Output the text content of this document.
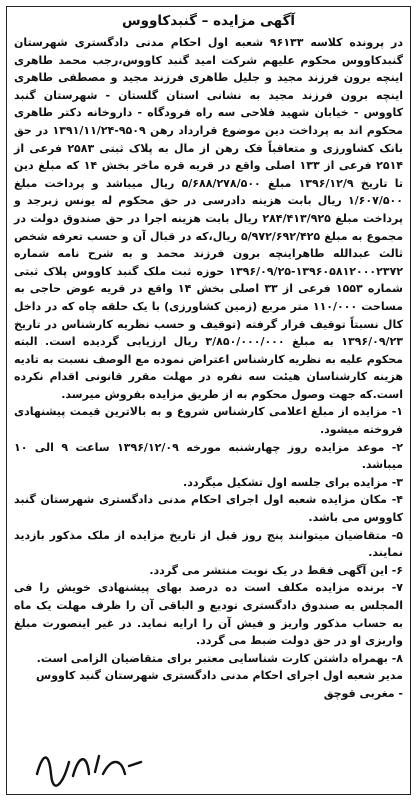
آگهی مزایده – گنبدکاووس

در پرونده کلاسه ۹۶۱۳۳ شعبه اول احکام مدنی دادگستری شهرستان گنبدکاووس محکوم علیهم شرکت امید گنبد کاووس،رجب محمد طاهری اینچه برون فرزند مجید و جلیل طاهری فرزند مجید و مصطفی طاهری اینچه برون فرزند مجید به نشانی استان گلستان - شهرستان گنبد کاووس - خیابان شهید فلاحی سه راه فرودگاه - داروخانه دکتر طاهری محکوم اند به پرداخت دین موضوع قرارداد رهن ۹۵۰۹-۱۳۹۱/۱۱/۲۴ در حق بانک کشاورزی و متعاقباً فک رهن از مال به پلاک ثبتی ۲۵۸۳ فرعی از ۲۵۱۴ فرعی از ۱۳۳ اصلی واقع در قریه قره ماخر بخش ۱۴ که مبلغ دین تا تاریخ ۱۳۹۶/۱۲/۹ مبلغ ۵/۶۸۸/۲۷۸/۵۰۰ ریال میباشد و پرداخت مبلغ ۱/۶۰۷/۵۰۰ ریال بابت هزینه دادرسی در حق محکوم له یونس زبرجد و پرداخت مبلغ ۲۸۴/۴۱۳/۹۲۵ ریال بابت هزینه اجرا در حق صندوق دولت در مجموع به مبلغ ۵/۹۷۲/۶۹۲/۴۲۵ ریال،که در قبال آن و حسب تعرفه شخص ثالث عبدالله طاهراینچه برون فرزند محمد و به شرح نامه شماره ۱۳۹۶۰۵۸۱۲۰۰۰۲۳۷۲-۱۳۹۶/۰۹/۲۵ حوزه ثبت ملک گنبد کاووس پلاک ثبتی شماره ۱۵۵۳ فرعی از ۳۳ اصلی بخش ۱۴ واقع در قریه عوض حاجی به مساحت ۱۱۰/۰۰۰ متر مربع (زمین کشاورزی) با یک حلقه چاه که در داخل کال نسبتاً توقیف قرار گرفته (توقیف و حسب نظریه کارشناس در تاریخ ۱۳۹۶/۰۹/۲۳ به مبلغ ۳/۸۵۰/۰۰۰/۰۰۰ ریال ارزیابی گردیده است. البته محکوم علیه به نظریه کارشناس اعتراض نموده مع الوصف نسبت به تادیه هزینه کارشناسان هیئت سه نفره در مهلت مقرر قانونی اقدام نکرده است.که جهت وصول محکوم به از طریق مزایده بفروش میرسد.

۱- مزایده از مبلغ اعلامی کارشناس شروع و به بالاترین قیمت پیشنهادی فروخته میشود.

۲- موعد مزایده روز چهارشنبه مورخه ۱۳۹۶/۱۲/۰۹ ساعت ۹ الی ۱۰ میباشد.

۳- مزایده برای جلسه اول تشکیل میگردد.

۴- مکان مزایده شعبه اول اجرای احکام مدنی دادگستری شهرستان گنبد کاووس می باشد.

۵- متقاضیان میتوانند پنج روز قبل از تاریخ مزایده از ملک مذکور بازدید نمایند.

۶- این آگهی فقط در یک نوبت منتشر می گردد.

۷- برنده مزایده مکلف است ده درصد بهای پیشنهادی خویش را فی المجلس به صندوق دادگستری تودیع و الباقی آن را ظرف مهلت یک ماه به حساب مذکور واریز و فیش آن را ارایه نماید. در غیر اینصورت مبلغ واریزی او در حق دولت ضبط می گردد.

۸- بهمراه داشتن کارت شناسایی معتبر برای متقاضیان الزامی است.

مدیر شعبه اول اجرای احکام مدنی دادگستری شهرستان گنبد کاووس

- مغربی قوچق
